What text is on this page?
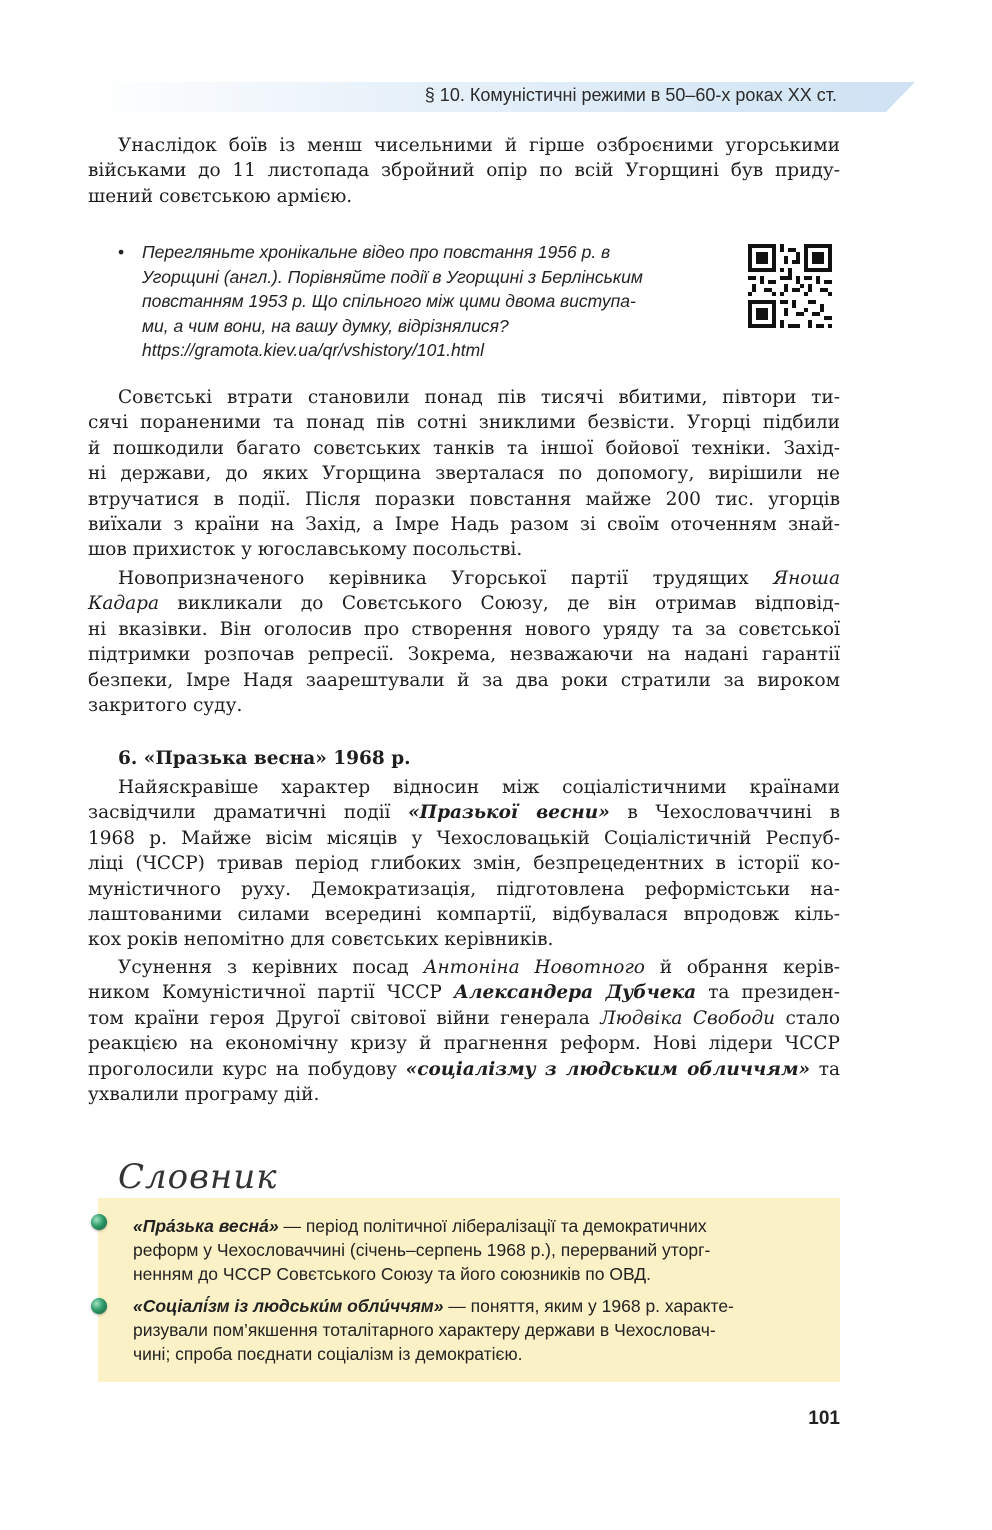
§ 10. Комуністичні режими в 50–60-х роках XX ст.
Унаслідок боїв із менш чисельними й гірше озброєними угорськими
військами до 11 листопада збройний опір по всій Угорщині був приду-
шений совєтською армією.
• Перегляньте хронікальне відео про повстання 1956 р. в
Угорщині (англ.). Порівняйте події в Угорщині з Берлінським
повстанням 1953 р. Що спільного між цими двома виступа-
ми, а чим вони, на вашу думку, відрізнялися?
https://gramota.kiev.ua/qr/vshistory/101.html
Совєтські втрати становили понад пів тисячі вбитими, півтори ти-
сячі пораненими та понад пів сотні зниклими безвісти. Угорці підбили
й пошкодили багато совєтських танків та іншої бойової техніки. Захід-
ні держави, до яких Угорщина зверталася по допомогу, вирішили не
втручатися в події. Після поразки повстання майже 200 тис. угорців
виїхали з країни на Захід, а Імре Надь разом зі своїм оточенням знай-
шов прихисток у югославському посольстві.
Новопризначеного керівника Угорської партії трудящих Яноша
Кадара викликали до Совєтського Союзу, де він отримав відповід-
ні вказівки. Він оголосив про створення нового уряду та за совєтської
підтримки розпочав репресії. Зокрема, незважаючи на надані гарантії
безпеки, Імре Надя заарештували й за два роки стратили за вироком
закритого суду.
6. «Празька весна» 1968 р.
Найяскравіше характер відносин між соціалістичними країнами
засвідчили драматичні події «Празької весни» в Чехословаччині в
1968 р. Майже вісім місяців у Чехословацькій Соціалістичній Респуб-
ліці (ЧССР) тривав період глибоких змін, безпрецедентних в історії ко-
муністичного руху. Демократизація, підготовлена реформістськи на-
лаштованими силами всередині компартії, відбувалася впродовж кіль-
кох років непомітно для совєтських керівників.
Усунення з керівних посад Антоніна Новотного й обрання керів-
ником Комуністичної партії ЧССР Александера Дубчека та президен-
том країни героя Другої світової війни генерала Людвіка Свободи стало
реакцією на економічну кризу й прагнення реформ. Нові лідери ЧССР
проголосили курс на побудову «соціалізму з людським обличчям» та
ухвалили програму дій.
Словник
«Пра́зька весна́» — період політичної лібералізації та демократичних
реформ у Чехословаччині (січень–серпень 1968 р.), перерваний уторг-
ненням до ЧССР Совєтського Союзу та його союзників по ОВД.
«Соціалі́зм із людськи́м обли́ччям» — поняття, яким у 1968 р. характе-
ризували пом’якшення тоталітарного характеру держави в Чехословач-
чині; спроба поєднати соціалізм із демократією.
101
